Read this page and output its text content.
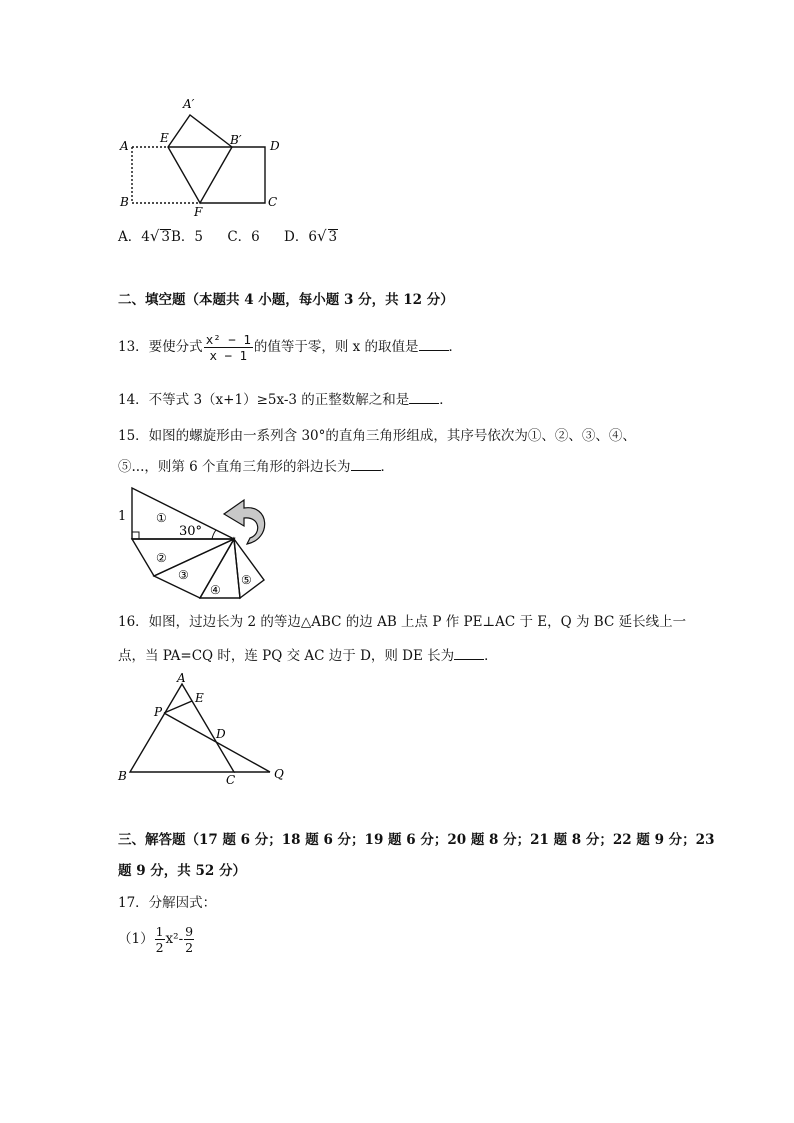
A′
A
E	B′ D
B
F
C
A．4√ 3B．5 C．6 D．6√ 3
二、填空题（本题共 4 小题，每小题 3 分，共 12 分）
13．要使分式 $\frac{\text{x² − 1}}{x - 1}$ 的值等于零，则 x 的取值是 ．
14．不等式 3（x+1）≥5x-3 的正整数解之和是 ．
15．如图的螺旋形由一系列含 30°的直角三角形组成，其序号依次为①、②、③、④、
⑤...，则第 6 个直角三角形的斜边长为 ．
1
30°
①
②
③
④
⑤
16．如图，过边长为 2 的等边△ABC 的边 AB 上点 P 作 PE⊥AC 于 E，Q 为 BC 延长线上一
点，当 PA=CQ 时，连 PQ 交 AC 边于 D，则 DE 长为 ．
A
E
P
D
B	C	Q
三、解答题（17 题 6 分；18 题 6 分；19 题 6 分；20 题 8 分；21 题 8 分；22 题 9 分；23
题 9 分，共 52 分）
17．分解因式：
$(1) \frac{1}{2} x^2- \frac{9}{2}$
